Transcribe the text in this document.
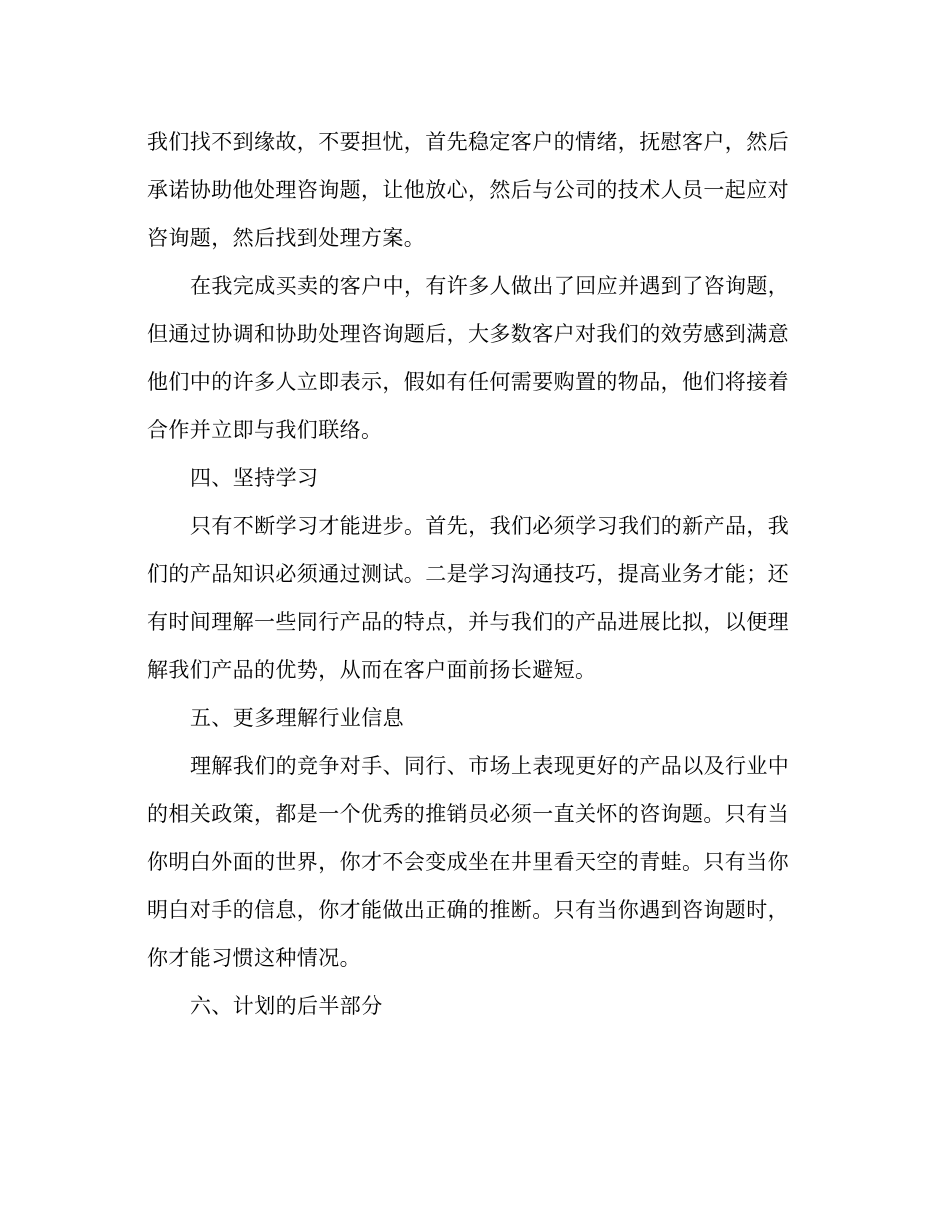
我们找不到缘故，不要担忧，首先稳定客户的情绪，抚慰客户，然后
承诺协助他处理咨询题，让他放心，然后与公司的技术人员一起应对
咨询题，然后找到处理方案。
在我完成买卖的客户中，有许多人做出了回应并遇到了咨询题，
但通过协调和协助处理咨询题后，大多数客户对我们的效劳感到满意
他们中的许多人立即表示，假如有任何需要购置的物品，他们将接着
合作并立即与我们联络。
四、坚持学习
只有不断学习才能进步。首先，我们必须学习我们的新产品，我
们的产品知识必须通过测试。二是学习沟通技巧，提高业务才能；还
有时间理解一些同行产品的特点，并与我们的产品进展比拟，以便理
解我们产品的优势，从而在客户面前扬长避短。
五、更多理解行业信息
理解我们的竞争对手、同行、市场上表现更好的产品以及行业中
的相关政策，都是一个优秀的推销员必须一直关怀的咨询题。只有当
你明白外面的世界，你才不会变成坐在井里看天空的青蛙。只有当你
明白对手的信息，你才能做出正确的推断。只有当你遇到咨询题时，
你才能习惯这种情况。
六、计划的后半部分
